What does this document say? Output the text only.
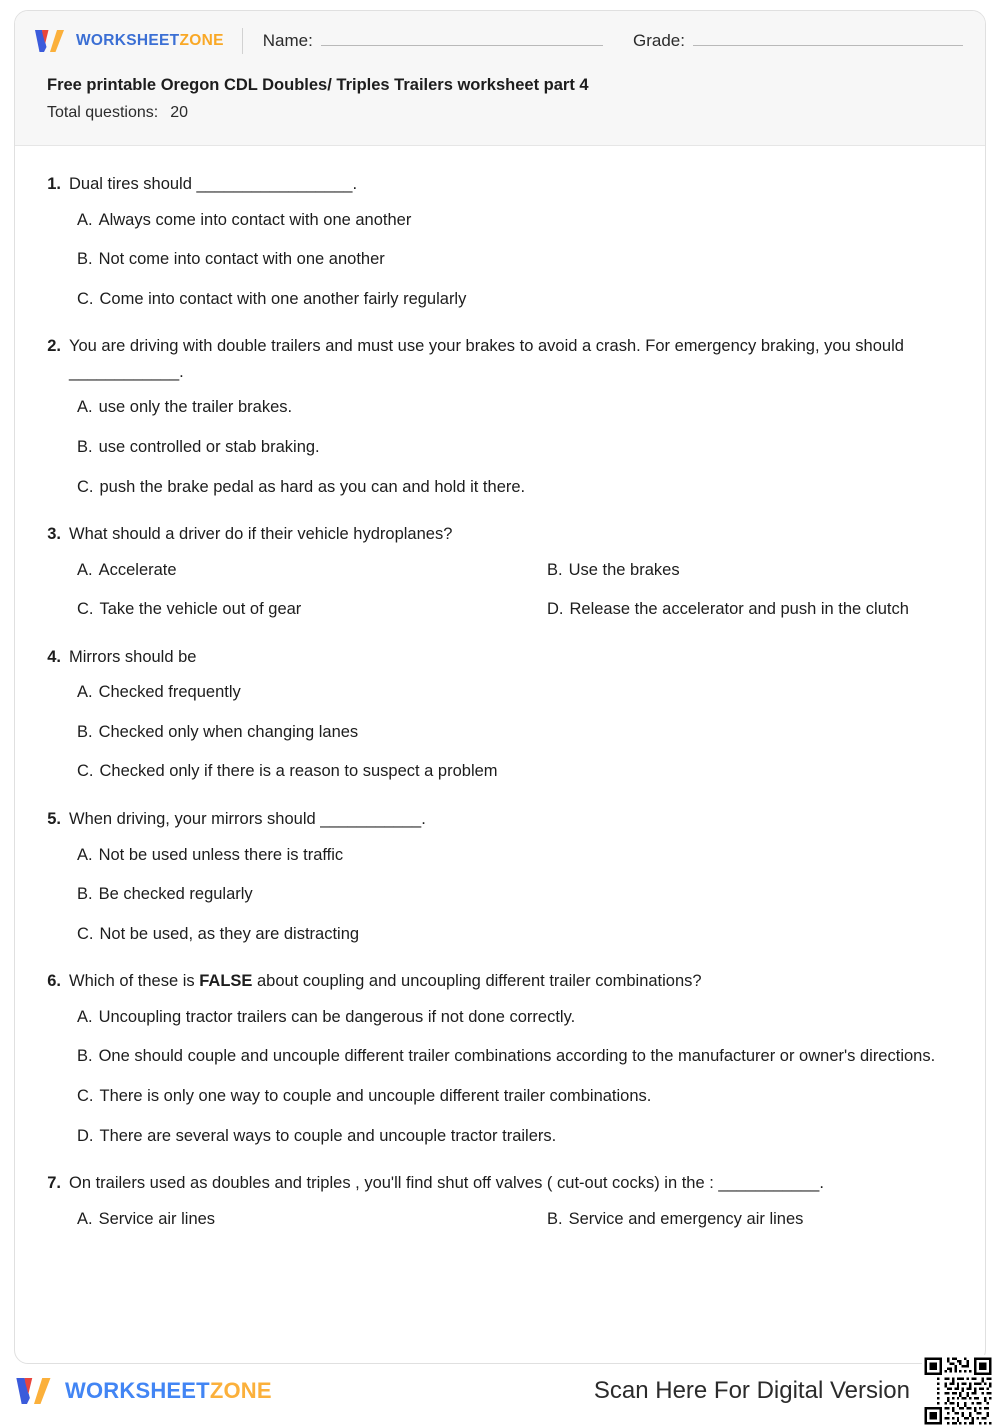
WORKSHEETZONE Name:	Grade:

Free printable Oregon CDL Doubles/ Triples Trailers worksheet part 4

Total questions: 20

1. Dual tires should _________________.
A. Always come into contact with one another
B. Not come into contact with one another
C. Come into contact with one another fairly regularly
2. You are driving with double trailers and must use your brakes to avoid a crash. For emergency braking, you should ____________.
A. use only the trailer brakes.
B. use controlled or stab braking.
C. push the brake pedal as hard as you can and hold it there.
3. What should a driver do if their vehicle hydroplanes?
A. Accelerate	B. Use the brakes
C. Take the vehicle out of gear	D. Release the accelerator and push in the clutch
4. Mirrors should be
A. Checked frequently
B. Checked only when changing lanes
C. Checked only if there is a reason to suspect a problem
5. When driving, your mirrors should ___________.
A. Not be used unless there is traffic
B. Be checked regularly
C. Not be used, as they are distracting
6. Which of these is FALSE about coupling and uncoupling different trailer combinations?
A. Uncoupling tractor trailers can be dangerous if not done correctly.
B. One should couple and uncouple different trailer combinations according to the manufacturer or owner's directions.
C. There is only one way to couple and uncouple different trailer combinations.
D. There are several ways to couple and uncouple tractor trailers.
7. On trailers used as doubles and triples , you'll find shut off valves ( cut-out cocks) in the : ___________.
A. Service air lines	B. Service and emergency air lines
WORKSHEETZONE	Scan Here For Digital Version
